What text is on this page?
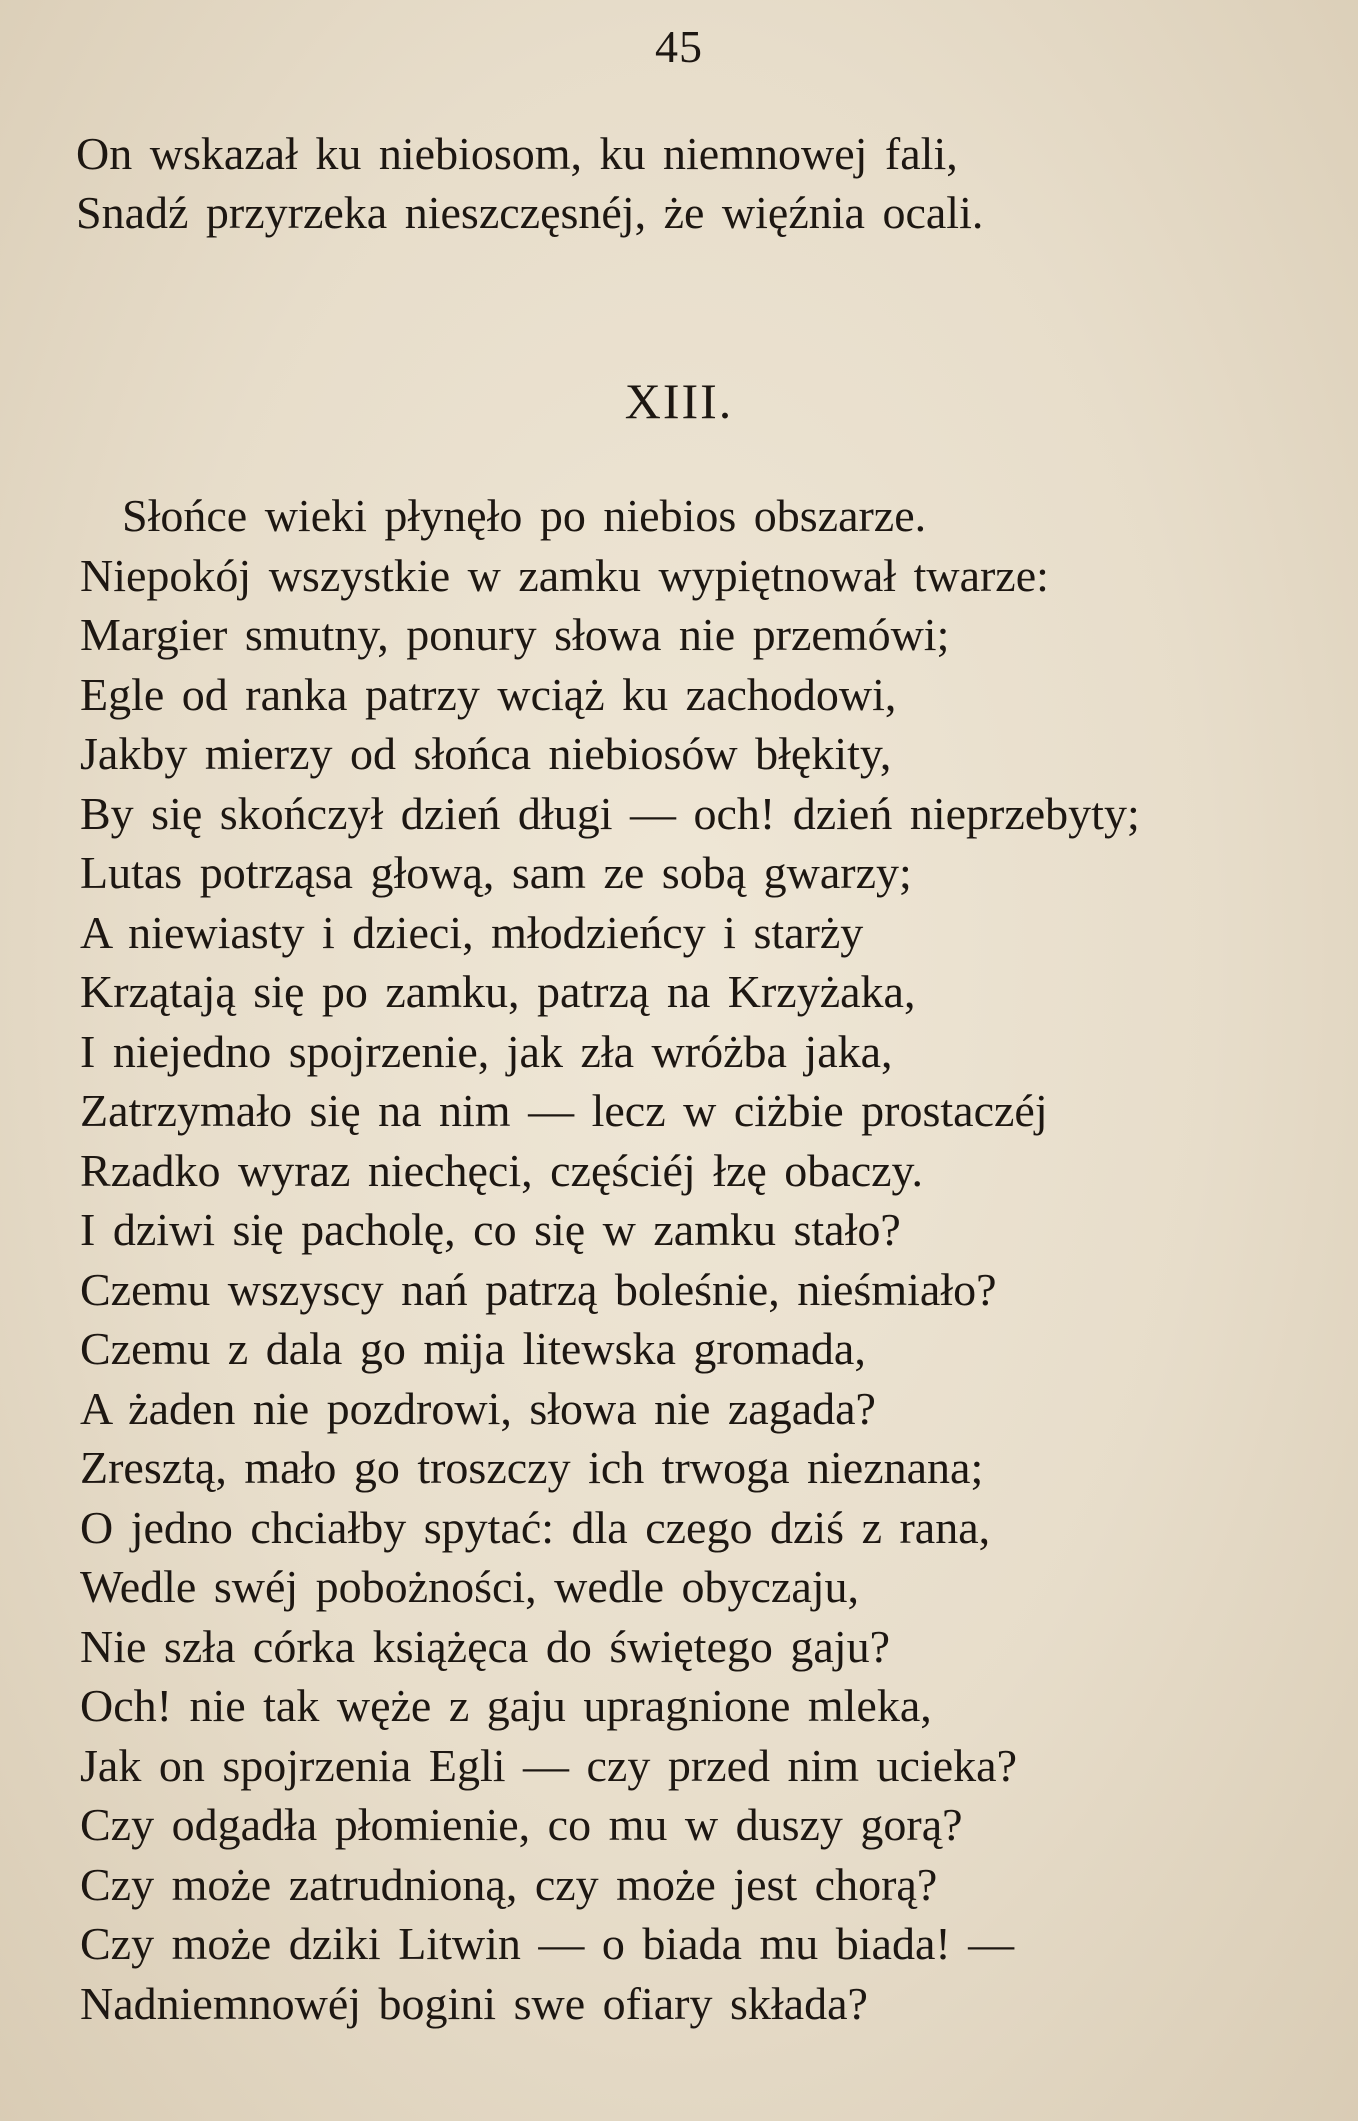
45
On wskazał ku niebiosom, ku niemnowej fali,
Snadź przyrzeka nieszczęsnéj, że więźnia ocali.
XIII.
Słońce wieki płynęło po niebios obszarze.
Niepokój wszystkie w zamku wypiętnował twarze:
Margier smutny, ponury słowa nie przemówi;
Egle od ranka patrzy wciąż ku zachodowi,
Jakby mierzy od słońca niebiosów błękity,
By się skończył dzień długi — och! dzień nieprzebyty;
Lutas potrząsa głową, sam ze sobą gwarzy;
A niewiasty i dzieci, młodzieńcy i starży
Krzątają się po zamku, patrzą na Krzyżaka,
I niejedno spojrzenie, jak zła wróżba jaka,
Zatrzymało się na nim — lecz w ciżbie prostaczéj
Rzadko wyraz niechęci, częściéj łzę obaczy.
I dziwi się pacholę, co się w zamku stało?
Czemu wszyscy nań patrzą boleśnie, nieśmiało?
Czemu z dala go mija litewska gromada,
A żaden nie pozdrowi, słowa nie zagada?
Zresztą, mało go troszczy ich trwoga nieznana;
O jedno chciałby spytać: dla czego dziś z rana,
Wedle swéj pobożności, wedle obyczaju,
Nie szła córka książęca do świętego gaju?
Och! nie tak węże z gaju upragnione mleka,
Jak on spojrzenia Egli — czy przed nim ucieka?
Czy odgadła płomienie, co mu w duszy gorą?
Czy może zatrudnioną, czy może jest chorą?
Czy może dziki Litwin — o biada mu biada! —
Nadniemnowéj bogini swe ofiary składa?
